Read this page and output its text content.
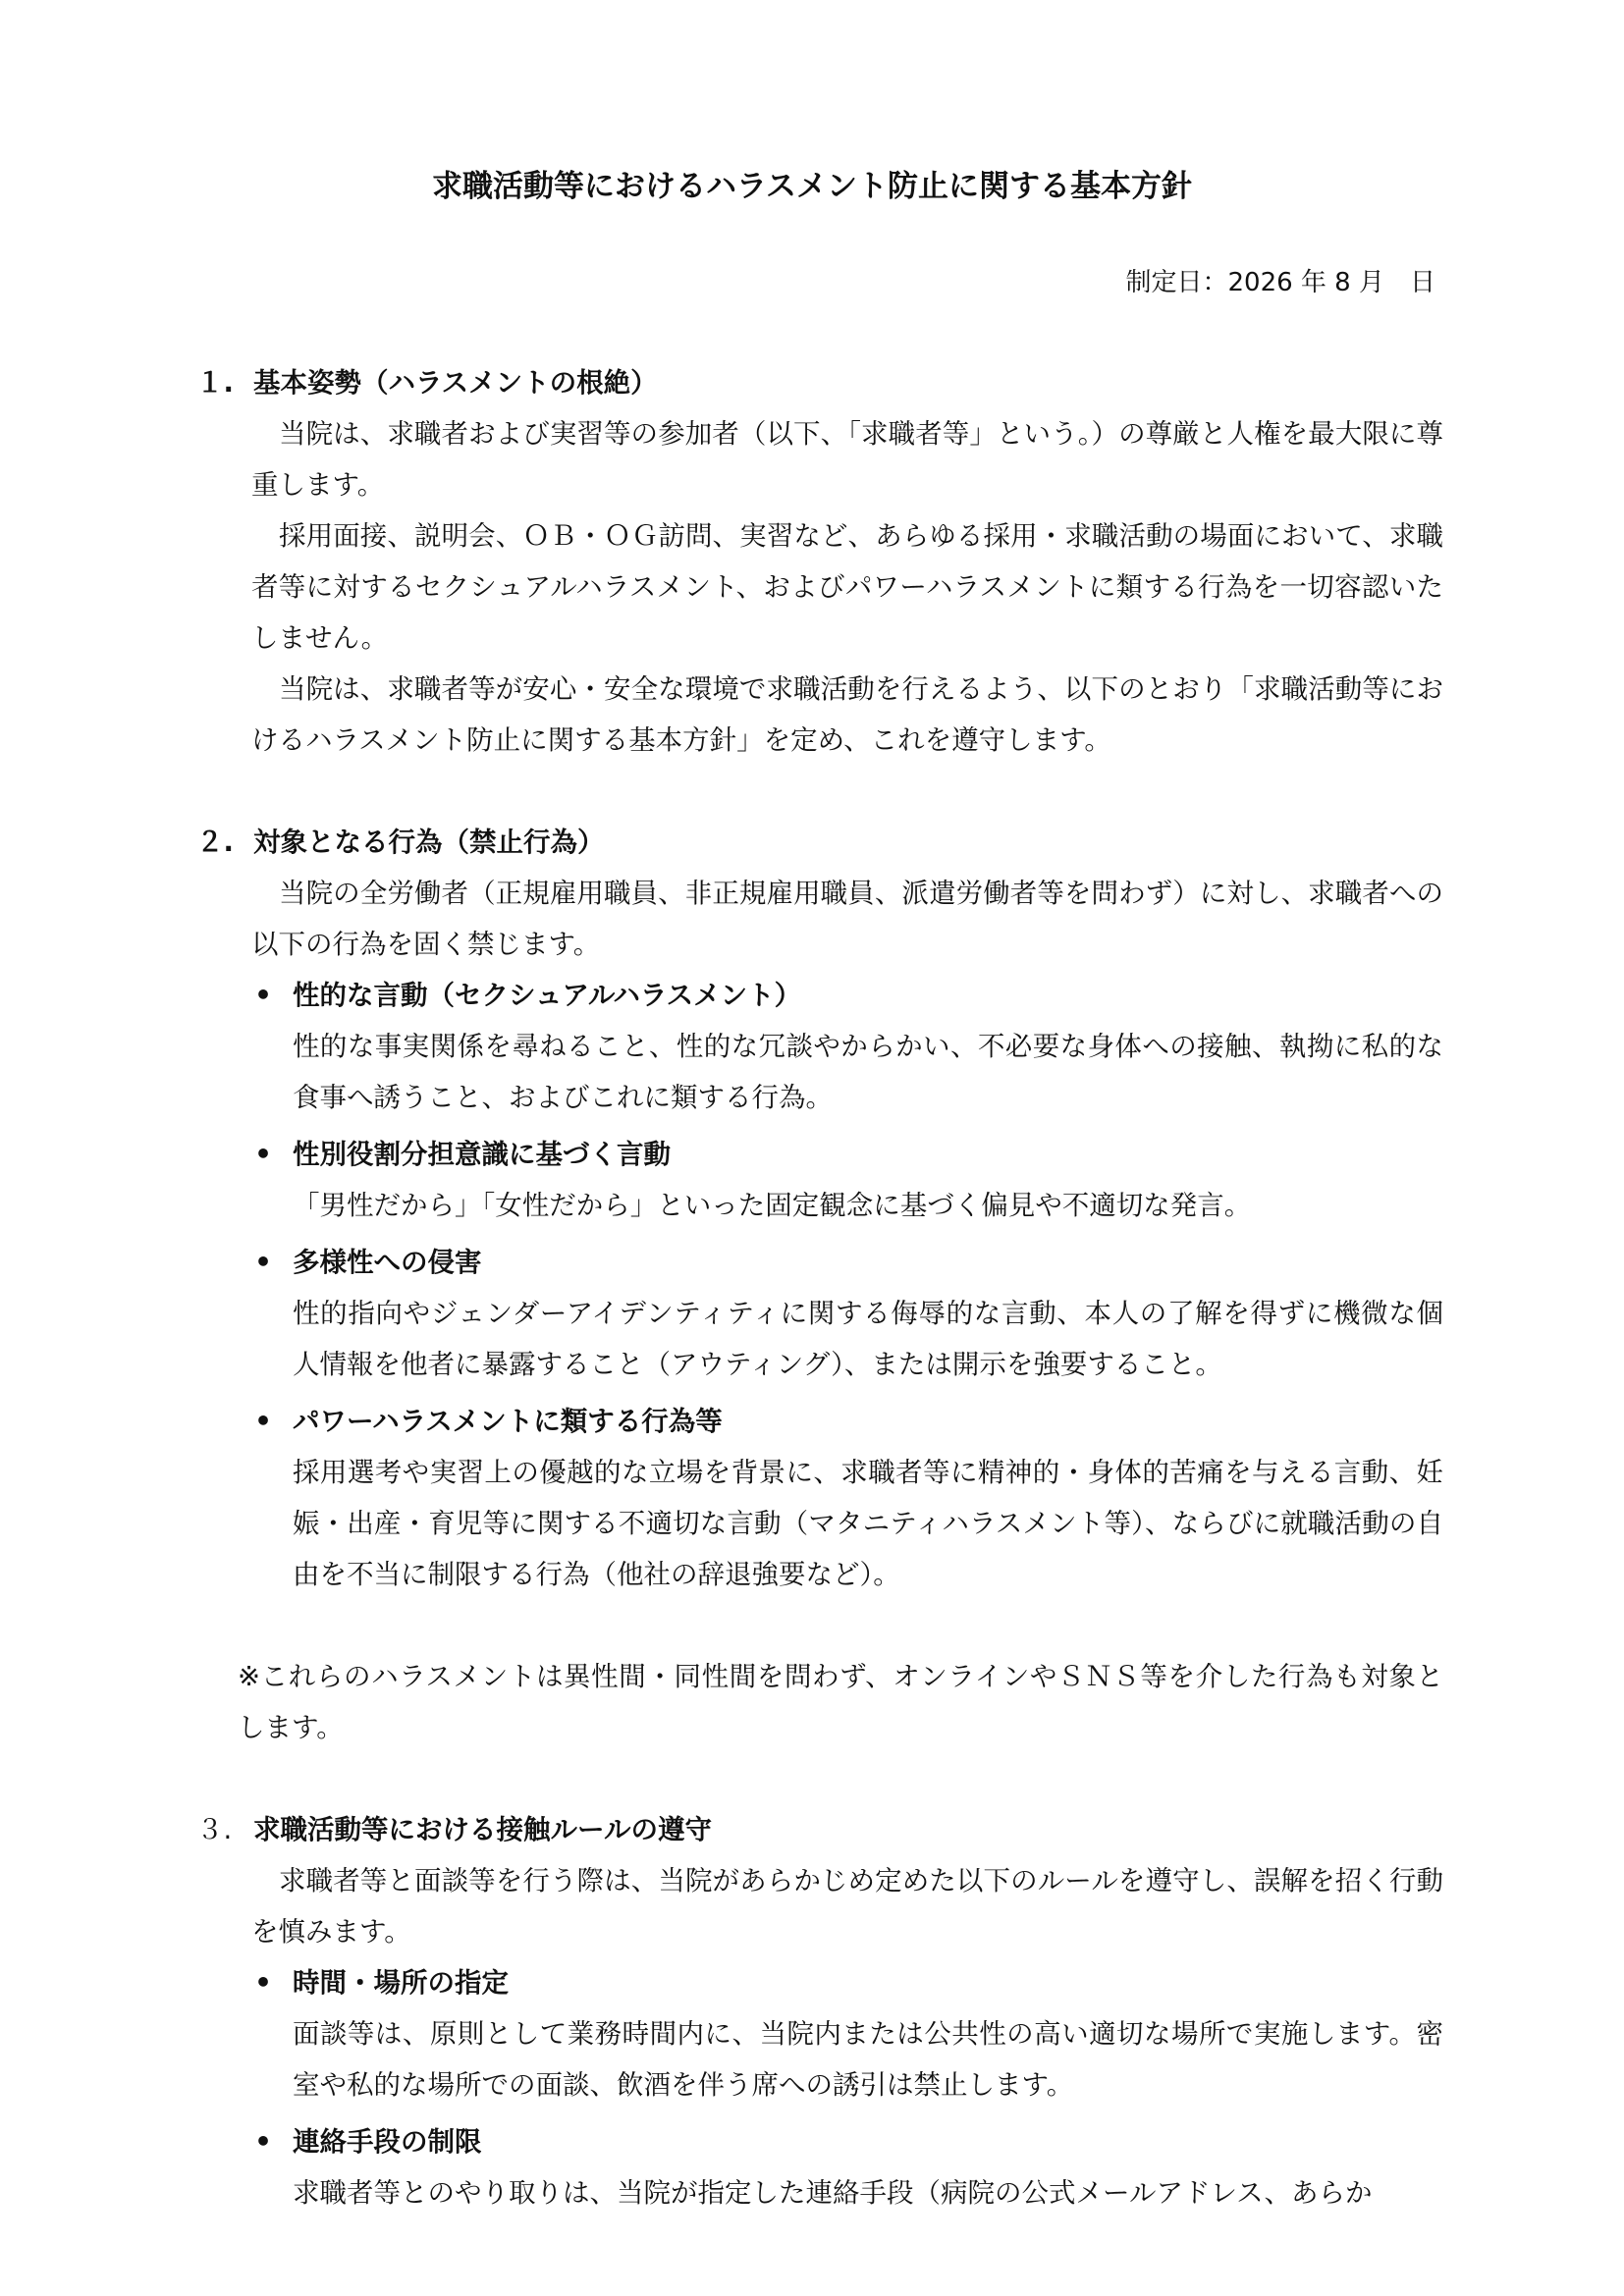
求職活動等におけるハラスメント防止に関する基本方針
制定日：2026 年 8 月　日

１. 基本姿勢（ハラスメントの根絶）

当院は、求職者および実習等の参加者（以下、「求職者等」という。）の尊厳と人権を最大限に尊重します。

採用面接、説明会、ＯＢ・ＯＧ訪問、実習など、あらゆる採用・求職活動の場面において、求職者等に対するセクシュアルハラスメント、およびパワーハラスメントに類する行為を一切容認いたしません。

当院は、求職者等が安心・安全な環境で求職活動を行えるよう、以下のとおり「求職活動等におけるハラスメント防止に関する基本方針」を定め、これを遵守します。

２. 対象となる行為（禁止行為）

当院の全労働者（正規雇用職員、非正規雇用職員、派遣労働者等を問わず）に対し、求職者への以下の行為を固く禁じます。

• 性的な言動（セクシュアルハラスメント）

性的な事実関係を尋ねること、性的な冗談やからかい、不必要な身体への接触、執拗に私的な食事へ誘うこと、およびこれに類する行為。

• 性別役割分担意識に基づく言動

「男性だから」「女性だから」といった固定観念に基づく偏見や不適切な発言。

• 多様性への侵害

性的指向やジェンダーアイデンティティに関する侮辱的な言動、本人の了解を得ずに機微な個人情報を他者に暴露すること（アウティング）、または開示を強要すること。

• パワーハラスメントに類する行為等

採用選考や実習上の優越的な立場を背景に、求職者等に精神的・身体的苦痛を与える言動、妊娠・出産・育児等に関する不適切な言動（マタニティハラスメント等）、ならびに就職活動の自由を不当に制限する行為（他社の辞退強要など）。

※これらのハラスメントは異性間・同性間を問わず、オンラインやＳＮＳ等を介した行為も対象とします。

３. 求職活動等における接触ルールの遵守

求職者等と面談等を行う際は、当院があらかじめ定めた以下のルールを遵守し、誤解を招く行動を慎みます。

• 時間・場所の指定

面談等は、原則として業務時間内に、当院内または公共性の高い適切な場所で実施します。密室や私的な場所での面談、飲酒を伴う席への誘引は禁止します。

• 連絡手段の制限

求職者等とのやり取りは、当院が指定した連絡手段（病院の公式メールアドレス、あらか
